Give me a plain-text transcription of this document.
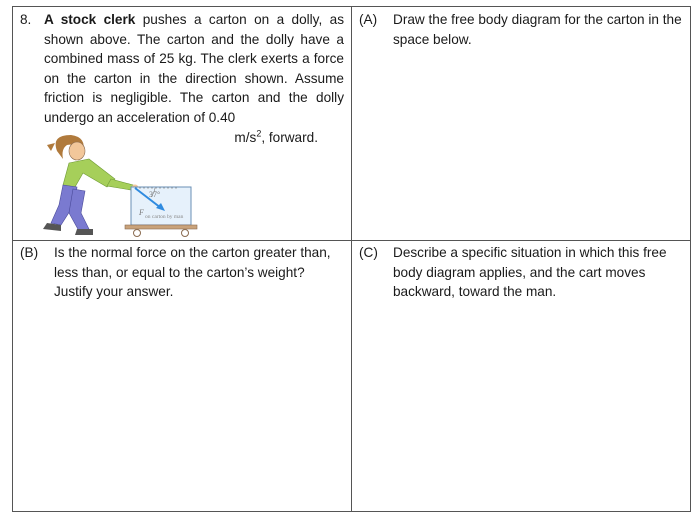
8. A stock clerk pushes a carton on a dolly, as shown above. The carton and the dolly have a combined mass of 25 kg. The clerk exerts a force on the carton in the direction shown. Assume friction is negligible. The carton and the dolly undergo an acceleration of 0.40
$m/s^2$, forward.
37°
F on carton by man
(A) Draw the free body diagram for the carton in the space below.
(B) Is the normal force on the carton greater than, less than, or equal to the carton’s weight? Justify your answer.
(C) Describe a specific situation in which this free body diagram applies, and the cart moves backward, toward the man.
